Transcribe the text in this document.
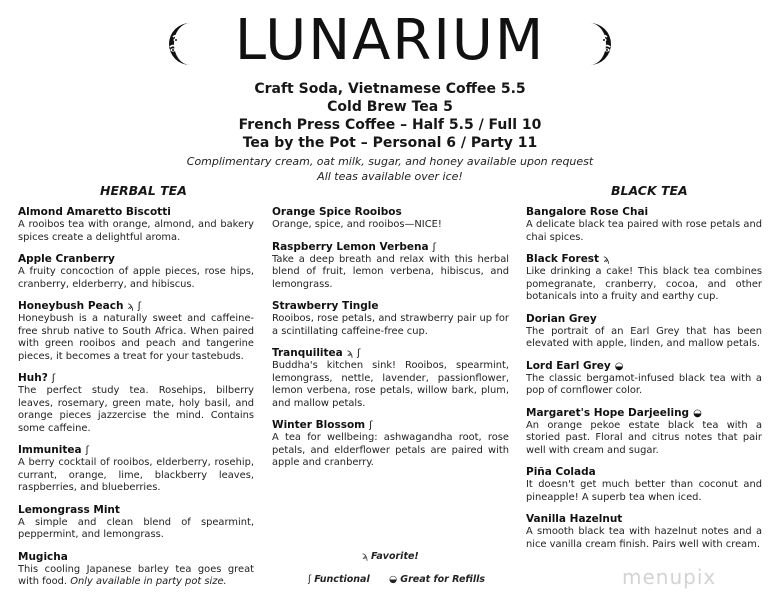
LUNARIUM
Craft Soda, Vietnamese Coffee 5.5
Cold Brew Tea 5
French Press Coffee – Half 5.5 / Full 10
Tea by the Pot – Personal 6 / Party 11
Complimentary cream, oat milk, sugar, and honey available upon request
All teas available over ice!
HERBAL TEA	BLACK TEA
Almond Amaretto Biscotti
A rooibos tea with orange, almond, and bakery spices create a delightful aroma.
Apple Cranberry
A fruity concoction of apple pieces, rose hips, cranberry, elderberry, and hibiscus.
Honeybush Peach ϡ ʃ
Honeybush is a naturally sweet and caffeine-free shrub native to South Africa. When paired with green rooibos and peach and tangerine pieces, it becomes a treat for your tastebuds.
Huh? ʃ
The perfect study tea. Rosehips, bilberry leaves, rosemary, green mate, holy basil, and orange pieces jazzercise the mind. Contains some caffeine.
Immunitea ʃ
A berry cocktail of rooibos, elderberry, rosehip, currant, orange, lime, blackberry leaves, raspberries, and blueberries.
Lemongrass Mint
A simple and clean blend of spearmint, peppermint, and lemongrass.
Mugicha
This cooling Japanese barley tea goes great with food. Only available in party pot size.
Orange Spice Rooibos
Orange, spice, and rooibos—NICE!
Raspberry Lemon Verbena ʃ
Take a deep breath and relax with this herbal blend of fruit, lemon verbena, hibiscus, and lemongrass.
Strawberry Tingle
Rooibos, rose petals, and strawberry pair up for a scintillating caffeine-free cup.
Tranquilitea ϡ ʃ
Buddha's kitchen sink! Rooibos, spearmint, lemongrass, nettle, lavender, passionflower, lemon verbena, rose petals, willow bark, plum, and mallow petals.
Winter Blossom ʃ
A tea for wellbeing: ashwagandha root, rose petals, and elderflower petals are paired with apple and cranberry.
Bangalore Rose Chai
A delicate black tea paired with rose petals and chai spices.
Black Forest ϡ
Like drinking a cake! This black tea combines pomegranate, cranberry, cocoa, and other botanicals into a fruity and earthy cup.
Dorian Grey
The portrait of an Earl Grey that has been elevated with apple, linden, and mallow petals.
Lord Earl Grey ◒
The classic bergamot-infused black tea with a pop of cornflower color.
Margaret's Hope Darjeeling ◒
An orange pekoe estate black tea with a storied past. Floral and citrus notes that pair well with cream and sugar.
Piña Colada
It doesn't get much better than coconut and pineapple! A superb tea when iced.
Vanilla Hazelnut
A smooth black tea with hazelnut notes and a nice vanilla cream finish. Pairs well with cream.
ϡ Favorite!
ʃ Functional ◒ Great for Refills	menupix
